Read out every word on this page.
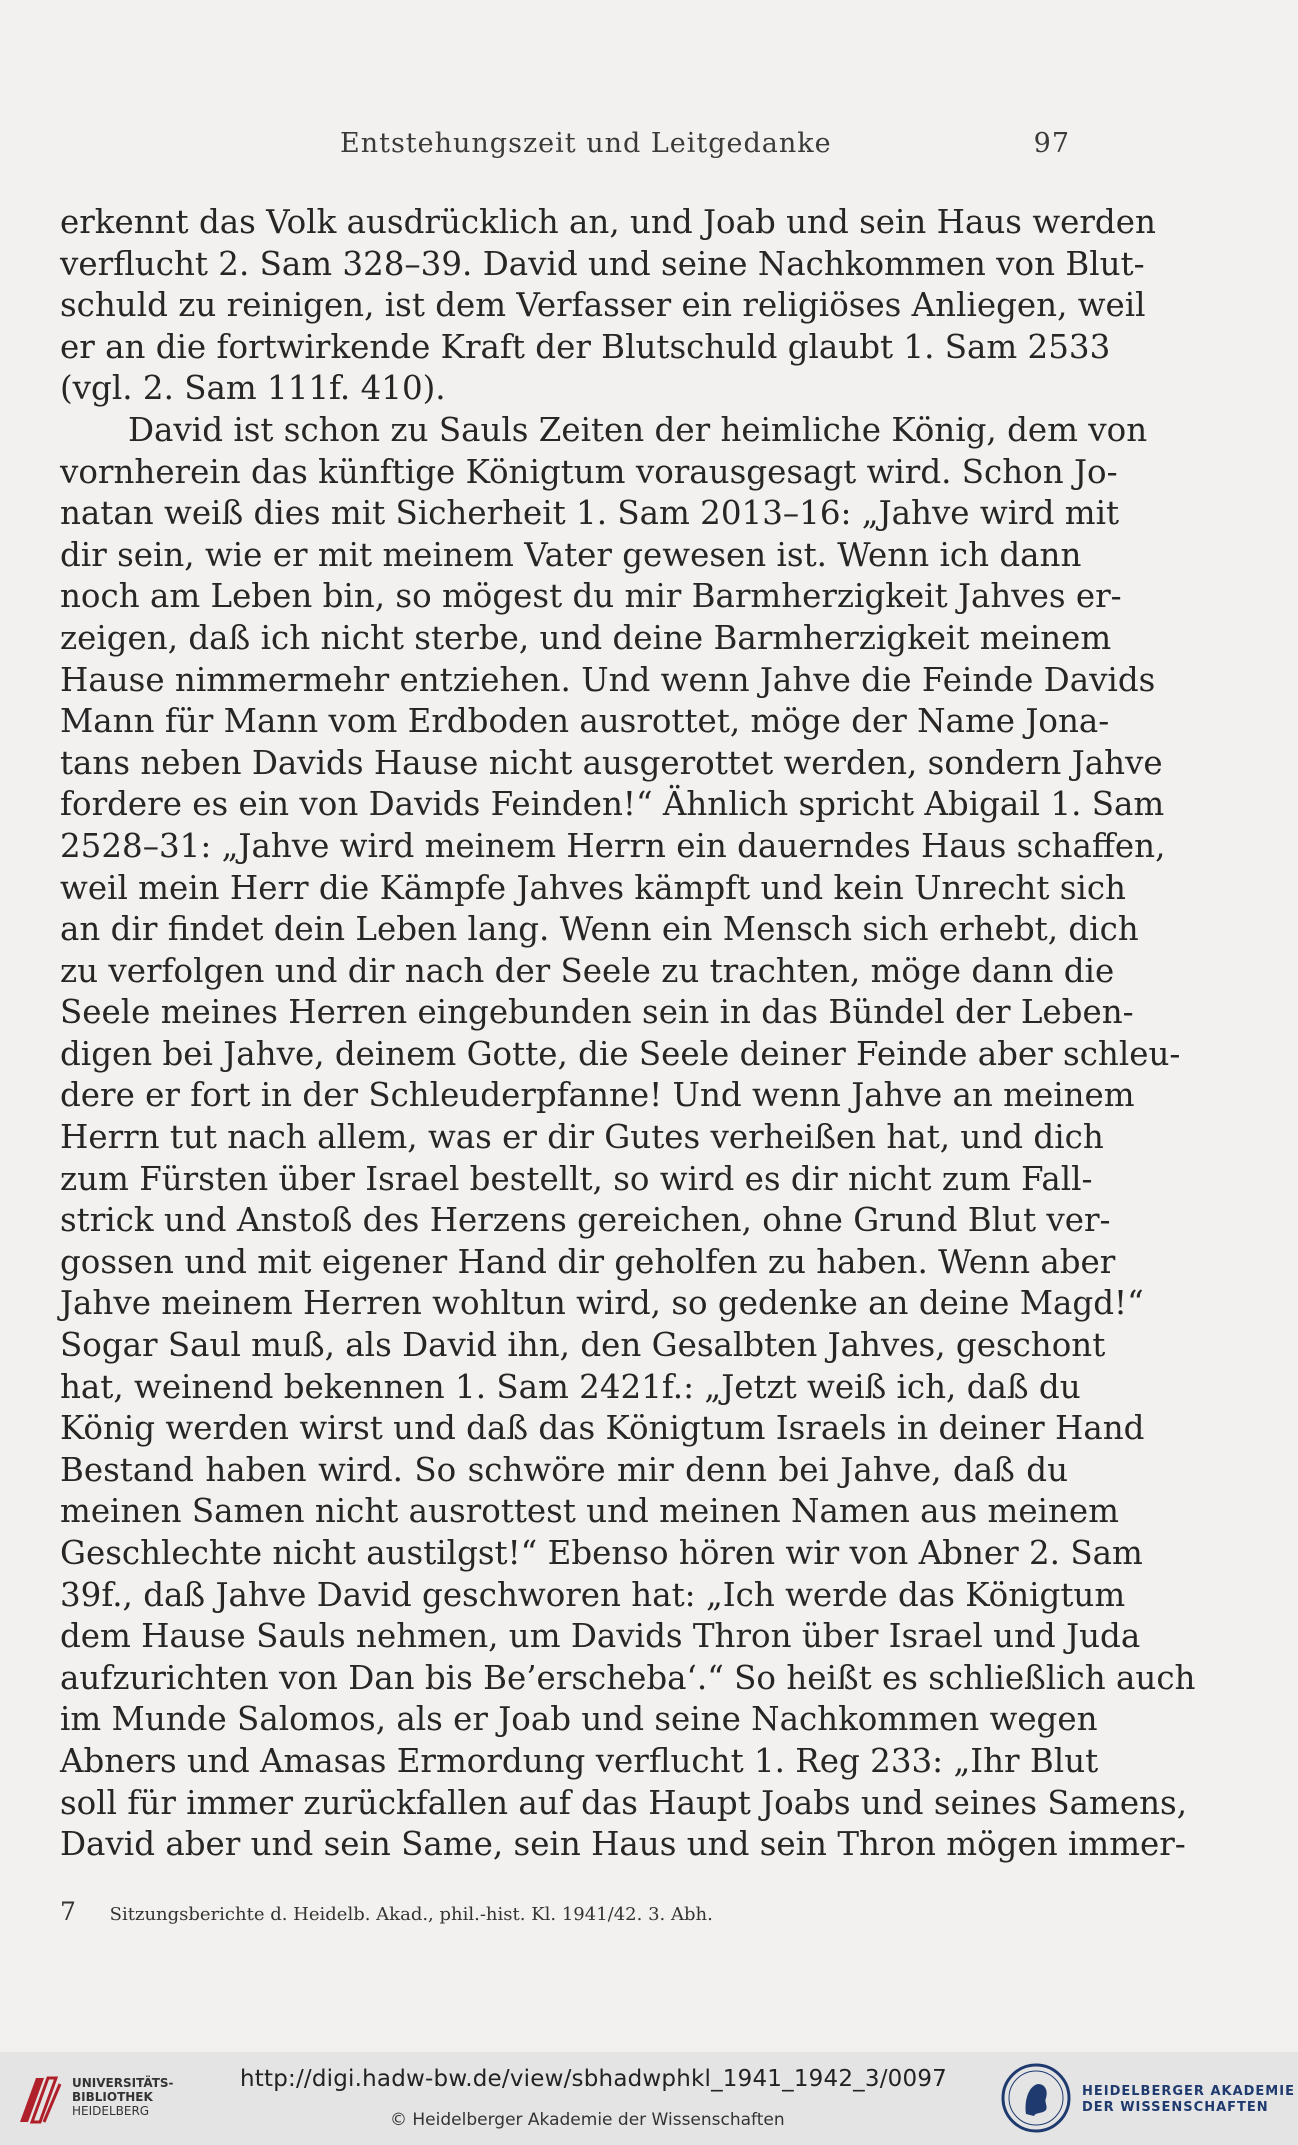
Entstehungszeit und Leitgedanke	97
erkennt das Volk ausdrücklich an, und Joab und sein Haus werden
verflucht 2. Sam 328–39. David und seine Nachkommen von Blut-
schuld zu reinigen, ist dem Verfasser ein religiöses Anliegen, weil
er an die fortwirkende Kraft der Blutschuld glaubt 1. Sam 2533
(vgl. 2. Sam 111f. 410).
David ist schon zu Sauls Zeiten der heimliche König, dem von
vornherein das künftige Königtum vorausgesagt wird. Schon Jo-
natan weiß dies mit Sicherheit 1. Sam 2013–16: „Jahve wird mit
dir sein, wie er mit meinem Vater gewesen ist. Wenn ich dann
noch am Leben bin, so mögest du mir Barmherzigkeit Jahves er-
zeigen, daß ich nicht sterbe, und deine Barmherzigkeit meinem
Hause nimmermehr entziehen. Und wenn Jahve die Feinde Davids
Mann für Mann vom Erdboden ausrottet, möge der Name Jona-
tans neben Davids Hause nicht ausgerottet werden, sondern Jahve
fordere es ein von Davids Feinden!“ Ähnlich spricht Abigail 1. Sam
2528–31: „Jahve wird meinem Herrn ein dauerndes Haus schaffen,
weil mein Herr die Kämpfe Jahves kämpft und kein Unrecht sich
an dir findet dein Leben lang. Wenn ein Mensch sich erhebt, dich
zu verfolgen und dir nach der Seele zu trachten, möge dann die
Seele meines Herren eingebunden sein in das Bündel der Leben-
digen bei Jahve, deinem Gotte, die Seele deiner Feinde aber schleu-
dere er fort in der Schleuderpfanne! Und wenn Jahve an meinem
Herrn tut nach allem, was er dir Gutes verheißen hat, und dich
zum Fürsten über Israel bestellt, so wird es dir nicht zum Fall-
strick und Anstoß des Herzens gereichen, ohne Grund Blut ver-
gossen und mit eigener Hand dir geholfen zu haben. Wenn aber
Jahve meinem Herren wohltun wird, so gedenke an deine Magd!“
Sogar Saul muß, als David ihn, den Gesalbten Jahves, geschont
hat, weinend bekennen 1. Sam 2421f.: „Jetzt weiß ich, daß du
König werden wirst und daß das Königtum Israels in deiner Hand
Bestand haben wird. So schwöre mir denn bei Jahve, daß du
meinen Samen nicht ausrottest und meinen Namen aus meinem
Geschlechte nicht austilgst!“ Ebenso hören wir von Abner 2. Sam
39f., daß Jahve David geschworen hat: „Ich werde das Königtum
dem Hause Sauls nehmen, um Davids Thron über Israel und Juda
aufzurichten von Dan bis Be’erscheba‘.“ So heißt es schließlich auch
im Munde Salomos, als er Joab und seine Nachkommen wegen
Abners und Amasas Ermordung verflucht 1. Reg 233: „Ihr Blut
soll für immer zurückfallen auf das Haupt Joabs und seines Samens,
David aber und sein Same, sein Haus und sein Thron mögen immer-
7 Sitzungsberichte d. Heidelb. Akad., phil.-hist. Kl. 1941/42. 3. Abh.
UNIVERSITÄTS-
BIBLIOTHEK
HEIDELBERG
http://digi.hadw-bw.de/view/sbhadwphkl_1941_1942_3/0097
© Heidelberger Akademie der Wissenschaften
HEIDELBERGER AKADEMIE
DER WISSENSCHAFTEN
